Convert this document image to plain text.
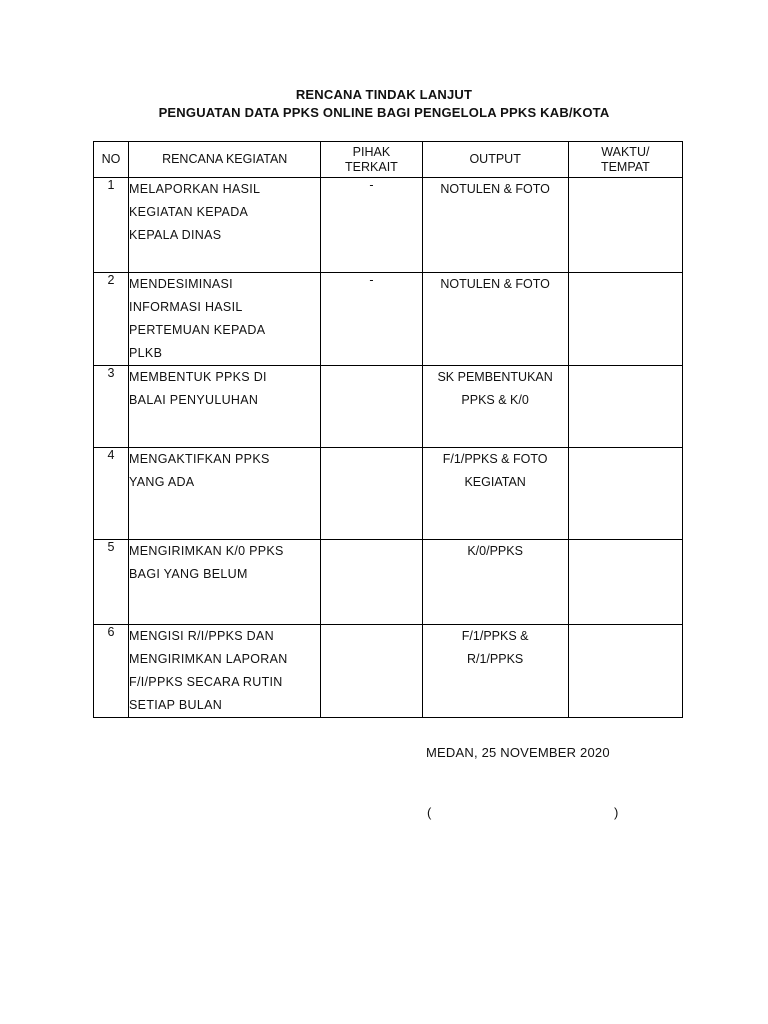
RENCANA TINDAK LANJUT
PENGUATAN DATA PPKS ONLINE BAGI PENGELOLA PPKS KAB/KOTA
NO	RENCANA KEGIATAN	PIHAK
TERKAIT	OUTPUT	WAKTU/
TEMPAT

1	MELAPORKAN HASIL
KEGIATAN KEPADA
KEPALA DINAS	-	NOTULEN & FOTO	

2	MENDESIMINASI
INFORMASI HASIL
PERTEMUAN KEPADA
PLKB	-	NOTULEN & FOTO	

3	MEMBENTUK PPKS DI
BALAI PENYULUHAN		SK PEMBENTUKAN
PPKS & K/0	

4	MENGAKTIFKAN PPKS
YANG ADA		F/1/PPKS & FOTO
KEGIATAN	

5	MENGIRIMKAN K/0 PPKS
BAGI YANG BELUM		K/0/PPKS	

6	MENGISI R/I/PPKS DAN
MENGIRIMKAN LAPORAN
F/I/PPKS SECARA RUTIN
SETIAP BULAN		F/1/PPKS &
R/1/PPKS	

MEDAN, 25 NOVEMBER 2020
(	)
